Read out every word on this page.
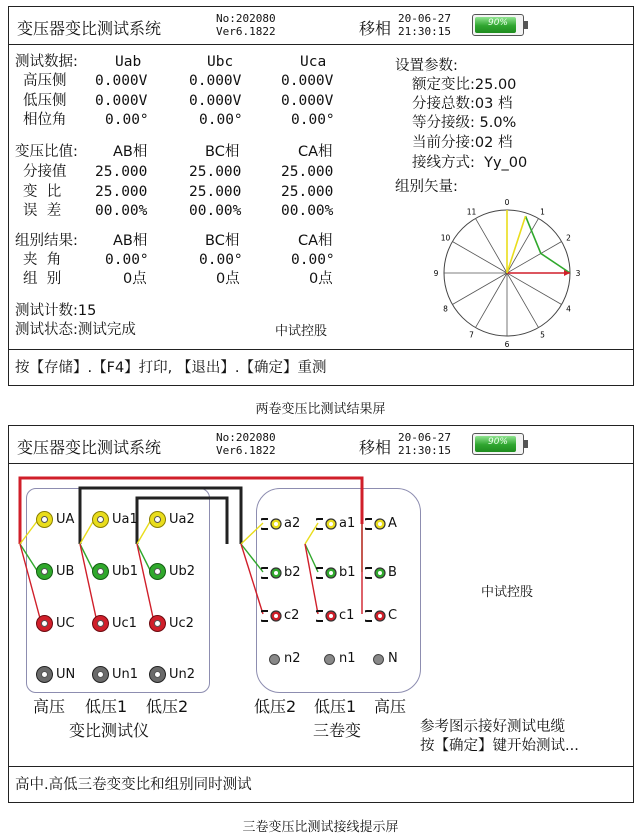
变压器变比测试系统
No:202080
Ver6.1822	移相
20-06-27
21:30:15
90%
测试数据:	Uab	Ubc	Uca
高压侧 0.000V	0.000V	0.000V
低压侧 0.000V	0.000V	0.000V
相位角	0.00°	0.00°	0.00°
变压比值: AB相	BC相	CA相
分接值 25.000	25.000	25.000
变  比 25.000	25.000	25.000
误  差 00.00%	00.00%	00.00%
组别结果: AB相	BC相	CA相
夹  角	0.00°	0.00°	0.00°
组  别	0点	0点	0点
测试计数:15
测试状态:测试完成	中试控股
设置参数:
额定变比:25.00
分接总数:03 档
等分接级: 5.0%
当前分接:02 档
接线方式:  Yy_00
组别矢量:
0
1
2
3
4
5
6
7
8
9
10
11
按【存储】.【F4】打印, 【退出】.【确定】重测
两卷变压比测试结果屏
变压器变比测试系统
No:202080
Ver6.1822	移相
20-06-27
21:30:15
90%
UA	Ua1 Ua2
UB	Ub1 Ub2
UC	Uc1 Uc2
UN	Un1 Un2
a2	a1	A
b2	b1 B
c2	c1	C
n2	n1 N
高压 低压1 低压2
变比测试仪
低压2 低压1 高压
三卷变
中试控股
参考图示接好测试电缆
按【确定】键开始测试...
高中.高低三卷变变比和组别同时测试
三卷变压比测试接线提示屏
